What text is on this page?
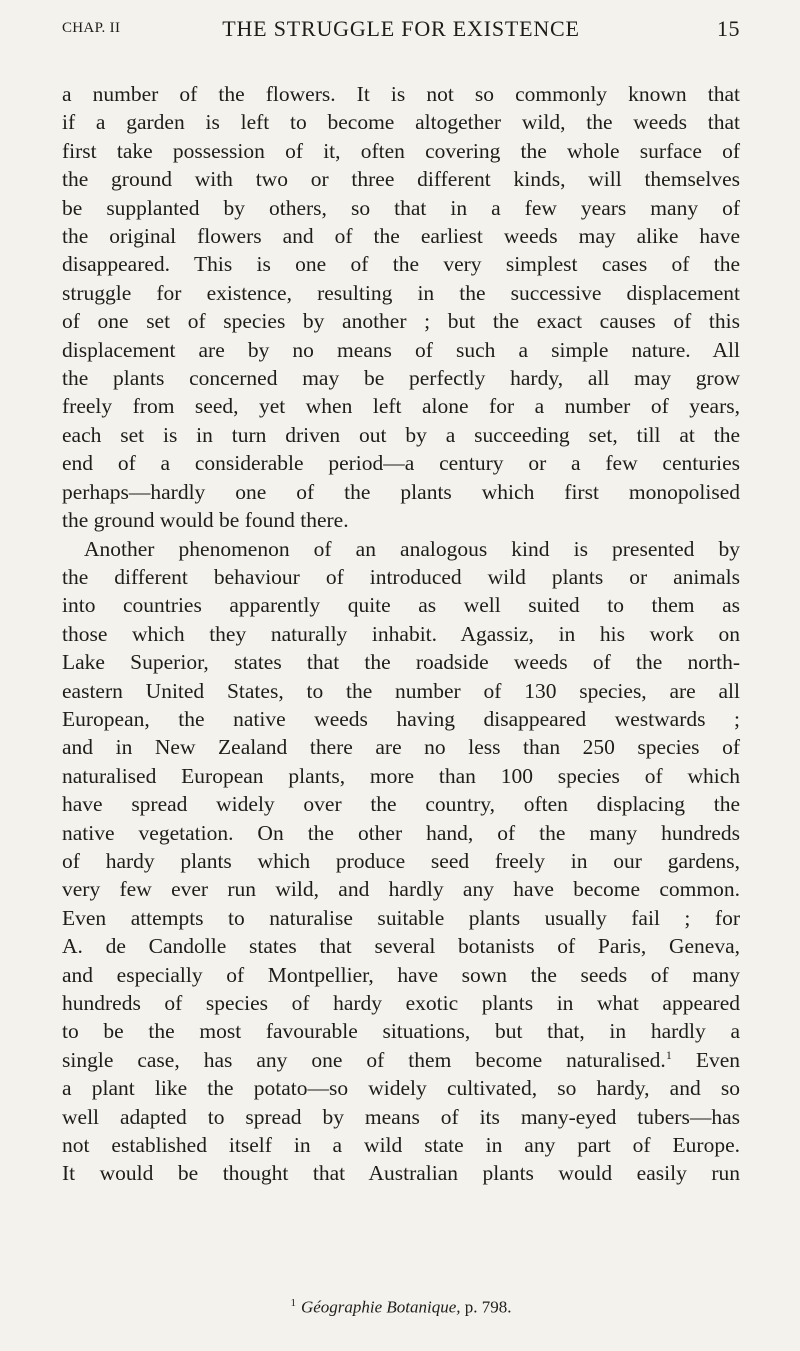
CHAP. II	THE STRUGGLE FOR EXISTENCE	15

a number of the flowers. It is not so commonly known that
if a garden is left to become altogether wild, the weeds that
first take possession of it, often covering the whole surface of
the ground with two or three different kinds, will themselves
be supplanted by others, so that in a few years many of
the original flowers and of the earliest weeds may alike have
disappeared. This is one of the very simplest cases of the
struggle for existence, resulting in the successive displacement
of one set of species by another ; but the exact causes of this
displacement are by no means of such a simple nature. All
the plants concerned may be perfectly hardy, all may grow
freely from seed, yet when left alone for a number of years,
each set is in turn driven out by a succeeding set, till at the
end of a considerable period—a century or a few centuries
perhaps—hardly one of the plants which first monopolised
the ground would be found there.

Another phenomenon of an analogous kind is presented by
the different behaviour of introduced wild plants or animals
into countries apparently quite as well suited to them as
those which they naturally inhabit. Agassiz, in his work on
Lake Superior, states that the roadside weeds of the north-
eastern United States, to the number of 130 species, are all
European, the native weeds having disappeared westwards ;
and in New Zealand there are no less than 250 species of
naturalised European plants, more than 100 species of which
have spread widely over the country, often displacing the
native vegetation. On the other hand, of the many hundreds
of hardy plants which produce seed freely in our gardens,
very few ever run wild, and hardly any have become common.
Even attempts to naturalise suitable plants usually fail ; for
A. de Candolle states that several botanists of Paris, Geneva,
and especially of Montpellier, have sown the seeds of many
hundreds of species of hardy exotic plants in what appeared
to be the most favourable situations, but that, in hardly a
single case, has any one of them become naturalised.$^1$ Even
a plant like the potato—so widely cultivated, so hardy, and so
well adapted to spread by means of its many-eyed tubers—has
not established itself in a wild state in any part of Europe.
It would be thought that Australian plants would easily run

$^1$ Géographie Botanique, p. 798.
